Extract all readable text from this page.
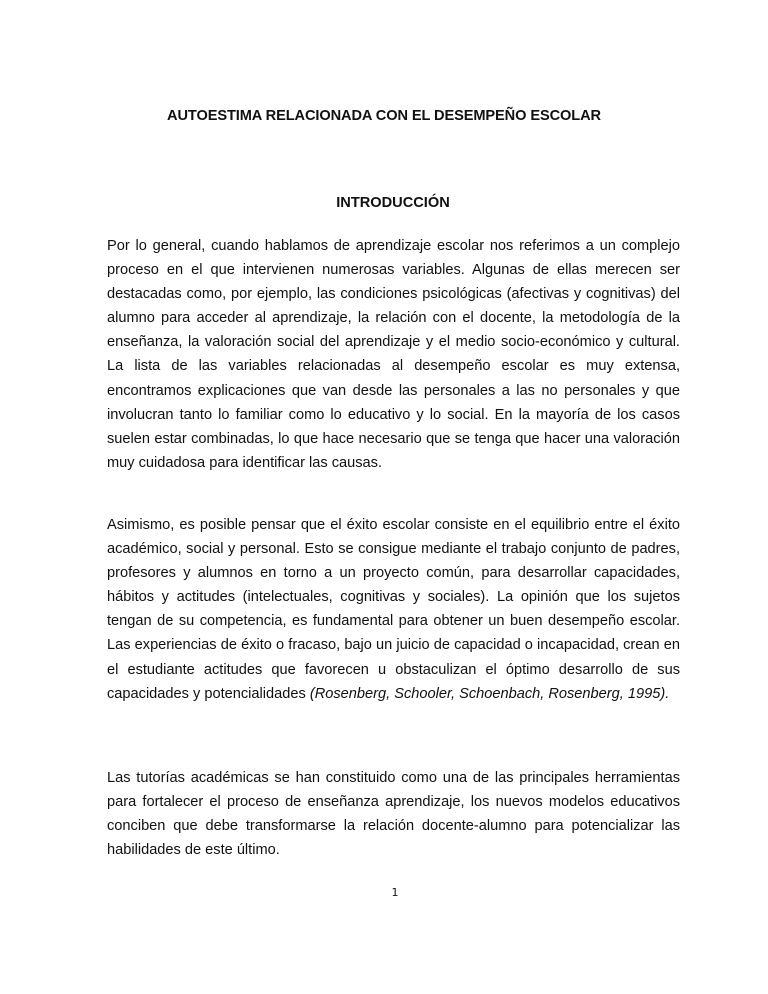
AUTOESTIMA RELACIONADA CON EL DESEMPEÑO ESCOLAR
INTRODUCCIÓN

Por lo general, cuando hablamos de aprendizaje escolar nos referimos a un complejo proceso en el que intervienen numerosas variables. Algunas de ellas merecen ser destacadas como, por ejemplo, las condiciones psicológicas (afectivas y cognitivas) del alumno para acceder al aprendizaje, la relación con el docente, la metodología de la enseñanza, la valoración social del aprendizaje y el medio socio-económico y cultural. La lista de las variables relacionadas al desempeño escolar es muy extensa, encontramos explicaciones que van desde las personales a las no personales y que involucran tanto lo familiar como lo educativo y lo social. En la mayoría de los casos suelen estar combinadas, lo que hace necesario que se tenga que hacer una valoración muy cuidadosa para identificar las causas.

Asimismo, es posible pensar que el éxito escolar consiste en el equilibrio entre el éxito académico, social y personal. Esto se consigue mediante el trabajo conjunto de padres, profesores y alumnos en torno a un proyecto común, para desarrollar capacidades, hábitos y actitudes (intelectuales, cognitivas y sociales). La opinión que los sujetos tengan de su competencia, es fundamental para obtener un buen desempeño escolar. Las experiencias de éxito o fracaso, bajo un juicio de capacidad o incapacidad, crean en el estudiante actitudes que favorecen u obstaculizan el óptimo desarrollo de sus capacidades y potencialidades (Rosenberg, Schooler, Schoenbach, Rosenberg, 1995).

Las tutorías académicas se han constituido como una de las principales herramientas para fortalecer el proceso de enseñanza aprendizaje, los nuevos modelos educativos conciben que debe transformarse la relación docente-alumno para potencializar las habilidades de este último.

1
